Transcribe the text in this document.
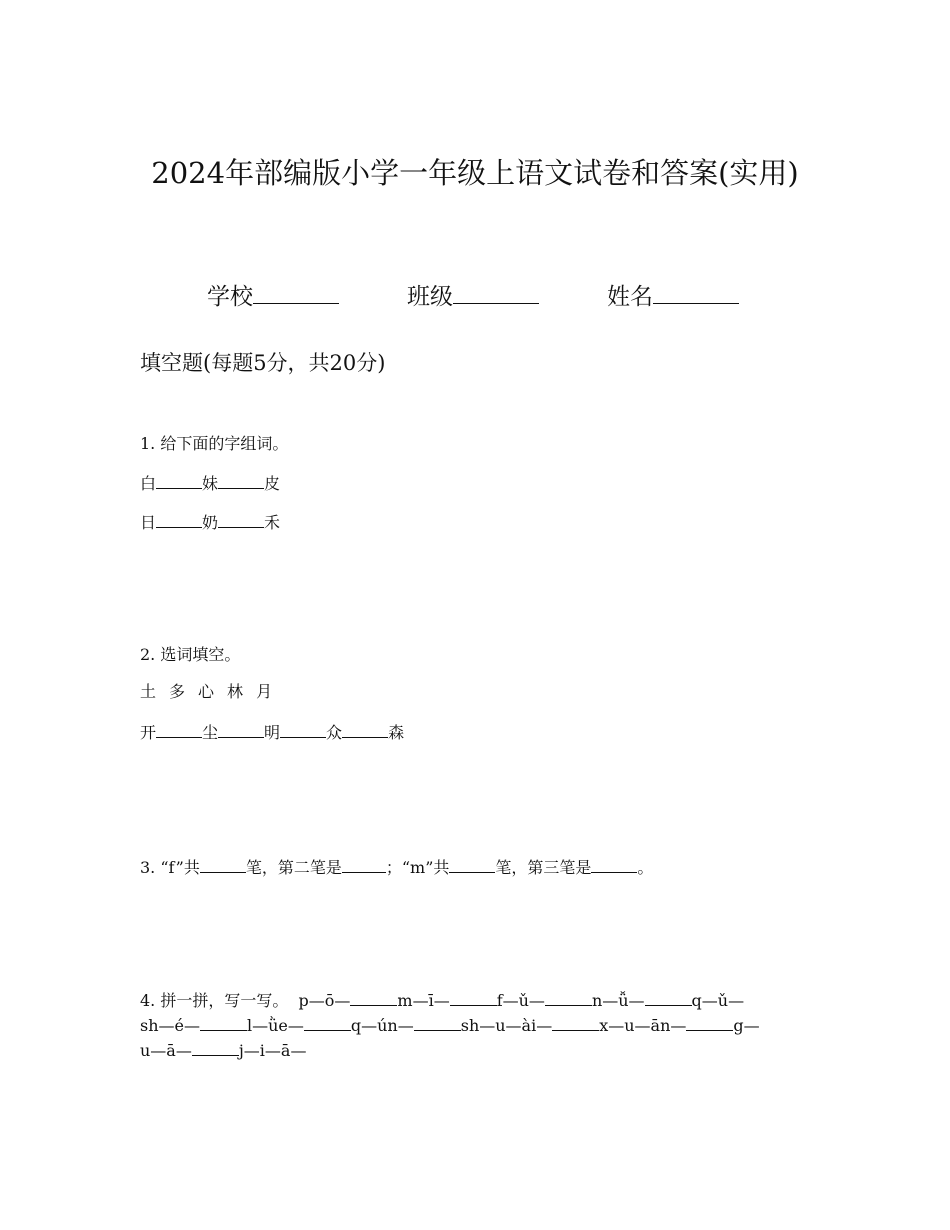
2024年部编版小学一年级上语文试卷和答案(实用)
学校	班级	姓名
填空题(每题5分，共20分)
1. 给下面的字组词。
白	妹	皮
日	奶	禾
2. 选词填空。
土 多 心 林 月
开	尘	明	众	森
3. “f”共	笔，第二笔是	；“m”共	笔，第三笔是	。
4. 拼一拼，写一写。 p—ō—	m—ī—	f—ǔ—	n—ǚ—	q—ǔ—
sh—é—	l—ǜe—	q—ún—	sh—u—ài—	x—u—ān—	g—
u—ā—	j—i—ā—
